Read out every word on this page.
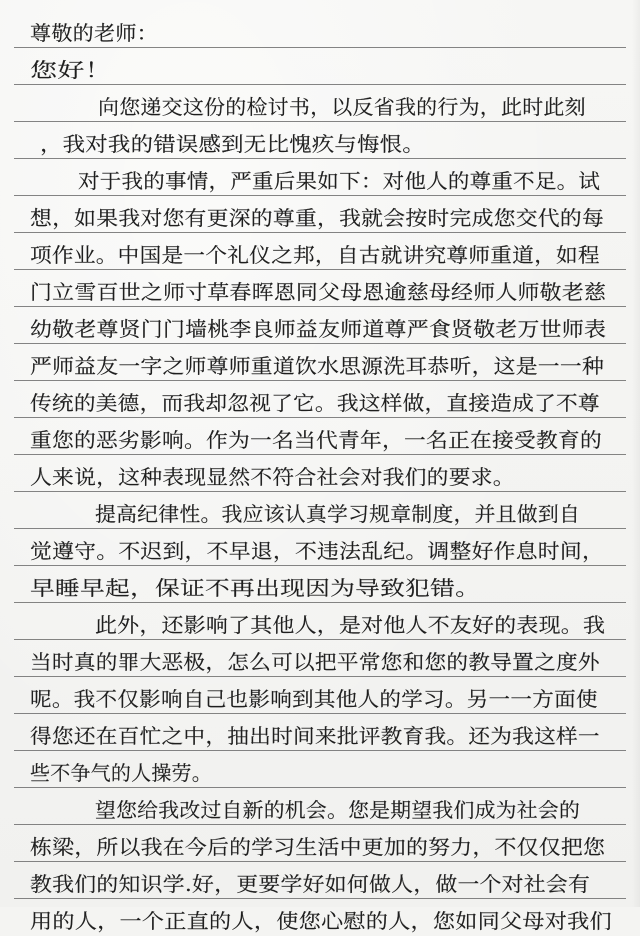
尊敬的老师：
您好！
向您递交这份的检讨书，以反省我的行为，此时此刻
，我对我的错误感到无比愧疚与悔恨。
对于我的事情，严重后果如下：对他人的尊重不足。试
想，如果我对您有更深的尊重，我就会按时完成您交代的每
项作业。中国是一个礼仪之邦，自古就讲究尊师重道，如程
门立雪百世之师寸草春晖恩同父母恩逾慈母经师人师敬老慈
幼敬老尊贤门门墙桃李良师益友师道尊严食贤敬老万世师表
严师益友一字之师尊师重道饮水思源洗耳恭听，这是一一种
传统的美德，而我却忽视了它。我这样做，直接造成了不尊
重您的恶劣影响。作为一名当代青年，一名正在接受教育的
人来说，这种表现显然不符合社会对我们的要求。
提高纪律性。我应该认真学习规章制度，并且做到自
觉遵守。不迟到，不早退，不违法乱纪。调整好作息时间，
早睡早起，保证不再出现因为导致犯错。
此外，还影响了其他人，是对他人不友好的表现。我
当时真的罪大恶极，怎么可以把平常您和您的教导置之度外
呢。我不仅影响自己也影响到其他人的学习。另一一方面使
得您还在百忙之中，抽出时间来批评教育我。还为我这样一
些不争气的人操劳。
望您给我改过自新的机会。您是期望我们成为社会的
栋梁，所以我在今后的学习生活中更加的努力，不仅仅把您
教我们的知识学.好，更要学好如何做人，做一个对社会有
用的人，一个正直的人，使您心慰的人，您如同父母对我们
